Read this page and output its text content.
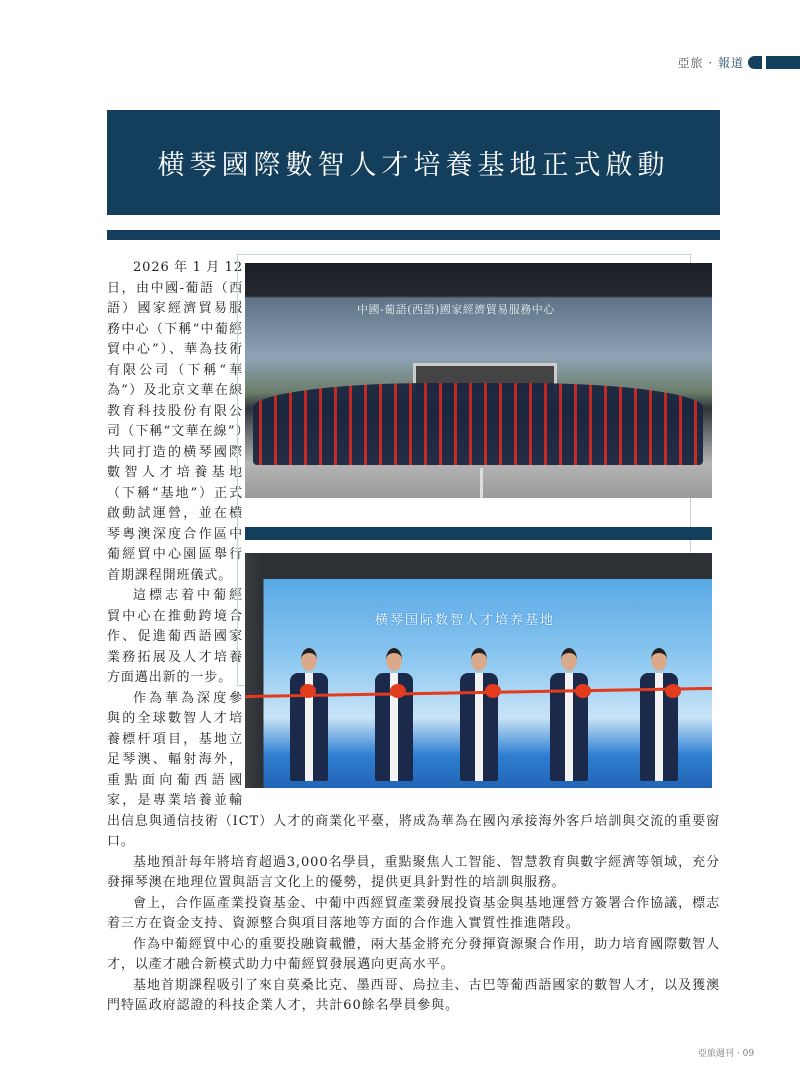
亞旅 · 報道
横琴國際數智人才培養基地正式啟動
中國-葡語(西語)國家經濟貿易服務中心
横琴国际数智人才培养基地

2026年1月12日，由中國-葡語（西語）國家經濟貿易服務中心（下稱“中葡經貿中心”）、華為技術有限公司（下稱“華為”）及北京文華在線教育科技股份有限公司（下稱“文華在線”）共同打造的横琴國際數智人才培養基地（下稱“基地”）正式啟動試運營，並在横琴粵澳深度合作區中葡經貿中心園區舉行首期課程開班儀式。

這標志着中葡經貿中心在推動跨境合作、促進葡西語國家業務拓展及人才培養方面邁出新的一步。

作為華為深度參與的全球數智人才培養標杆項目，基地立足琴澳、輻射海外，重點面向葡西語國家，是專業培養並輸出信息與通信技術（ICT）人才的商業化平臺，將成為華為在國內承接海外客戶培訓與交流的重要窗口。

基地預計每年將培育超過3,000名學員，重點聚焦人工智能、智慧教育與數字經濟等領域，充分發揮琴澳在地理位置與語言文化上的優勢，提供更具針對性的培訓與服務。

會上，合作區產業投資基金、中葡中西經貿產業發展投資基金與基地運營方簽署合作協議，標志着三方在資金支持、資源整合與項目落地等方面的合作進入實質性推進階段。

作為中葡經貿中心的重要投融資載體，兩大基金將充分發揮資源聚合作用，助力培育國際數智人才，以產才融合新模式助力中葡經貿發展邁向更高水平。

基地首期課程吸引了來自莫桑比克、墨西哥、烏拉圭、古巴等葡西語國家的數智人才，以及獲澳門特區政府認證的科技企業人才，共計60餘名學員參與。

亞旅週刊 · 09
